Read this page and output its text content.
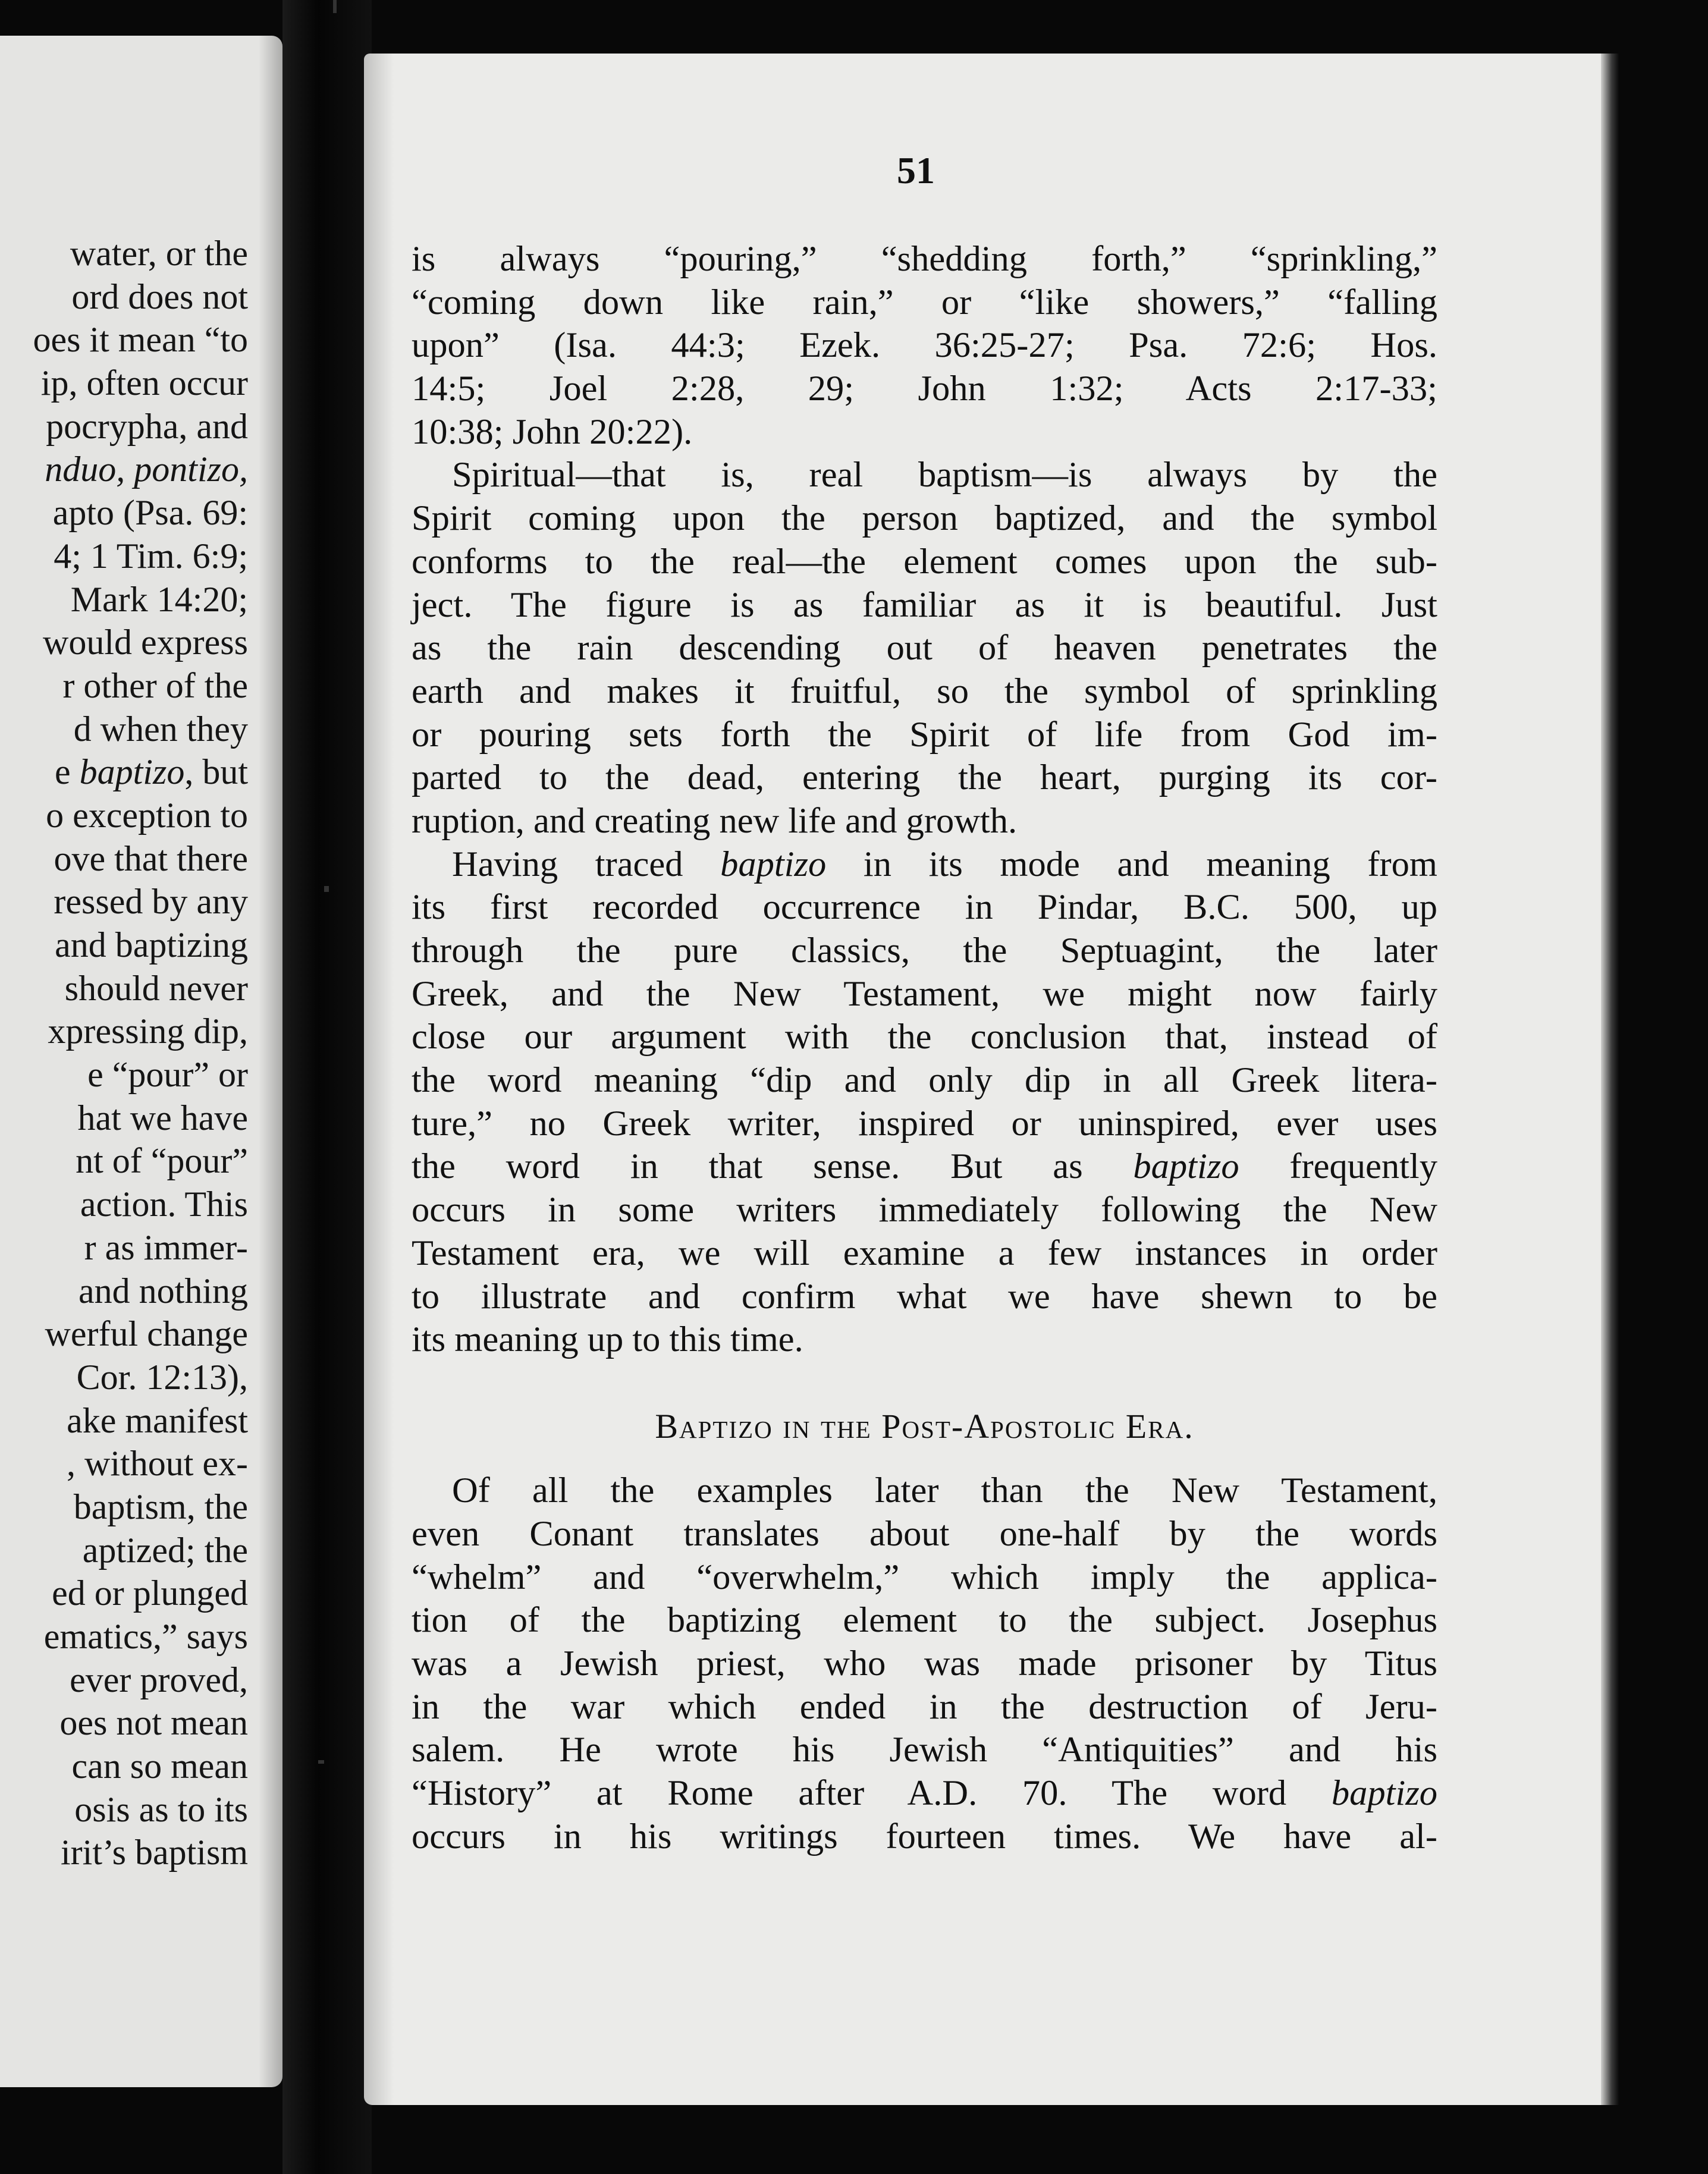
water, or the
ord does not
oes it mean “to
ip, often occur
pocrypha, and
nduo, pontizo,
apto (Psa. 69:
4; 1 Tim. 6:9;
Mark 14:20;
would express
r other of the
d when they
e baptizo, but
o exception to
ove that there
ressed by any
and baptizing
should never
xpressing dip,
e “pour” or
hat we have
nt of “pour”
action. This
r as immer-
and nothing
werful change
Cor. 12:13),
ake manifest
, without ex-
baptism, the
aptized; the
ed or plunged
ematics,” says
ever proved,
oes not mean
can so mean
osis as to its
irit’s baptism
51
is always “pouring,” “shedding forth,” “sprinkling,”
“coming down like rain,” or “like showers,” “falling
upon” (Isa. 44:3; Ezek. 36:25-27; Psa. 72:6; Hos.
14:5; Joel 2:28, 29; John 1:32; Acts 2:17-33;
10:38; John 20:22).
Spiritual—that is, real baptism—is always by the
Spirit coming upon the person baptized, and the symbol
conforms to the real—the element comes upon the sub-
ject. The figure is as familiar as it is beautiful. Just
as the rain descending out of heaven penetrates the
earth and makes it fruitful, so the symbol of sprinkling
or pouring sets forth the Spirit of life from God im-
parted to the dead, entering the heart, purging its cor-
ruption, and creating new life and growth.
Having traced baptizo in its mode and meaning from
its first recorded occurrence in Pindar, B.C. 500, up
through the pure classics, the Septuagint, the later
Greek, and the New Testament, we might now fairly
close our argument with the conclusion that, instead of
the word meaning “dip and only dip in all Greek litera-
ture,” no Greek writer, inspired or uninspired, ever uses
the word in that sense. But as baptizo frequently
occurs in some writers immediately following the New
Testament era, we will examine a few instances in order
to illustrate and confirm what we have shewn to be
its meaning up to this time.
Baptizo in the Post-Apostolic Era.
Of all the examples later than the New Testament,
even Conant translates about one-half by the words
“whelm” and “overwhelm,” which imply the applica-
tion of the baptizing element to the subject. Josephus
was a Jewish priest, who was made prisoner by Titus
in the war which ended in the destruction of Jeru-
salem. He wrote his Jewish “Antiquities” and his
“History” at Rome after A.D. 70. The word baptizo
occurs in his writings fourteen times. We have al-
